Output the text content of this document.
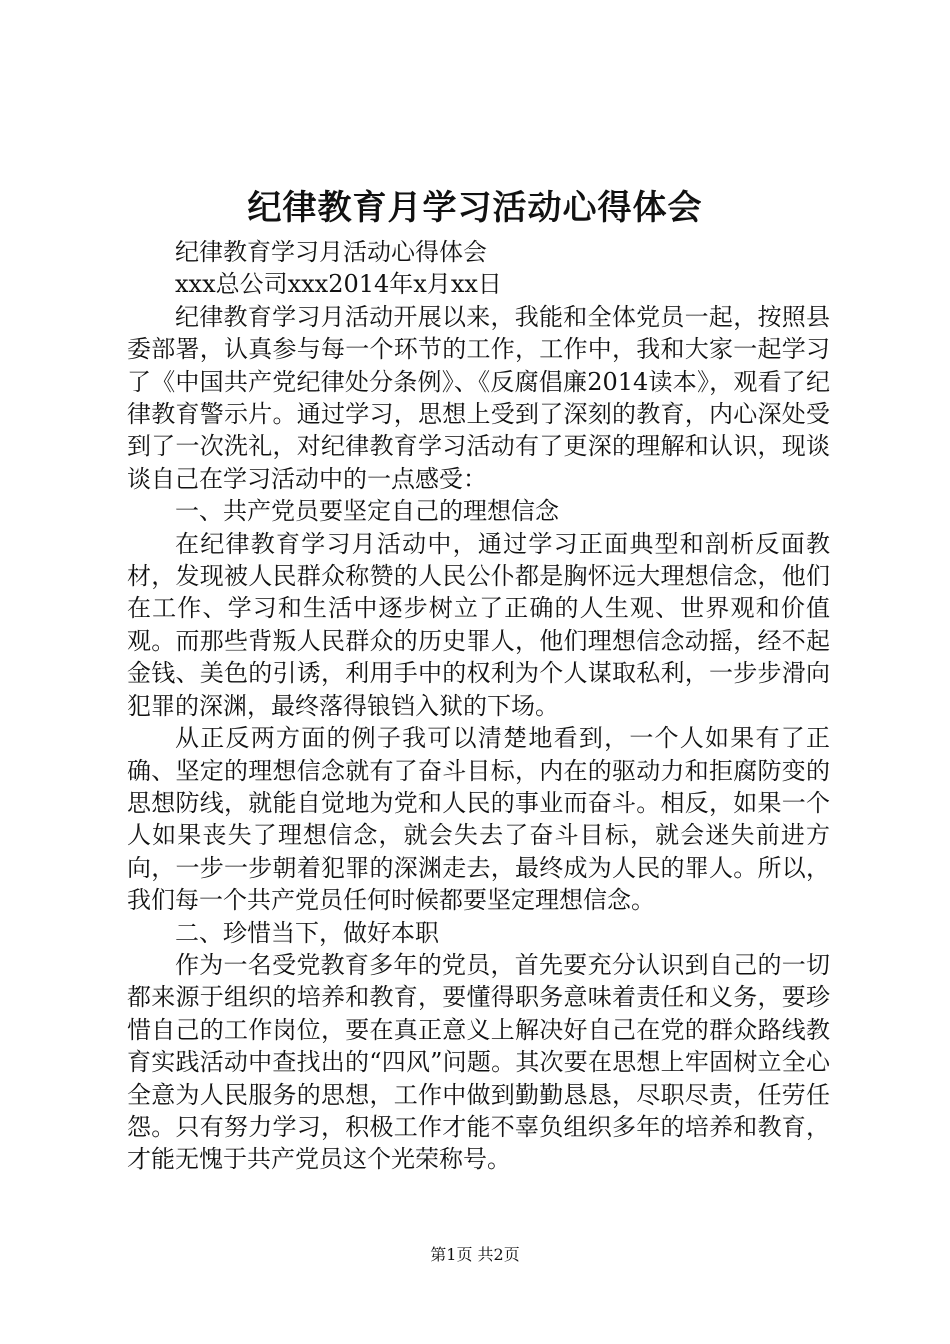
纪律教育月学习活动心得体会

纪律教育学习月活动心得体会

xxx总公司xxx2014年x月xx日

纪律教育学习月活动开展以来，我能和全体党员一起，按照县委部署，认真参与每一个环节的工作，工作中，我和大家一起学习了《中国共产党纪律处分条例》、《反腐倡廉2014读本》，观看了纪律教育警示片。通过学习，思想上受到了深刻的教育，内心深处受到了一次洗礼，对纪律教育学习活动有了更深的理解和认识，现谈谈自己在学习活动中的一点感受：

一、共产党员要坚定自己的理想信念

在纪律教育学习月活动中，通过学习正面典型和剖析反面教材，发现被人民群众称赞的人民公仆都是胸怀远大理想信念，他们在工作、学习和生活中逐步树立了正确的人生观、世界观和价值观。而那些背叛人民群众的历史罪人，他们理想信念动摇，经不起金钱、美色的引诱，利用手中的权利为个人谋取私利，一步步滑向犯罪的深渊，最终落得锒铛入狱的下场。

从正反两方面的例子我可以清楚地看到，一个人如果有了正确、坚定的理想信念就有了奋斗目标，内在的驱动力和拒腐防变的思想防线，就能自觉地为党和人民的事业而奋斗。相反，如果一个人如果丧失了理想信念，就会失去了奋斗目标，就会迷失前进方向，一步一步朝着犯罪的深渊走去，最终成为人民的罪人。所以，我们每一个共产党员任何时候都要坚定理想信念。

二、珍惜当下，做好本职

作为一名受党教育多年的党员，首先要充分认识到自己的一切都来源于组织的培养和教育，要懂得职务意味着责任和义务，要珍惜自己的工作岗位，要在真正意义上解决好自己在党的群众路线教育实践活动中查找出的“四风”问题。其次要在思想上牢固树立全心全意为人民服务的思想，工作中做到勤勤恳恳，尽职尽责，任劳任怨。只有努力学习，积极工作才能不辜负组织多年的培养和教育，才能无愧于共产党员这个光荣称号。

第1页 共2页
